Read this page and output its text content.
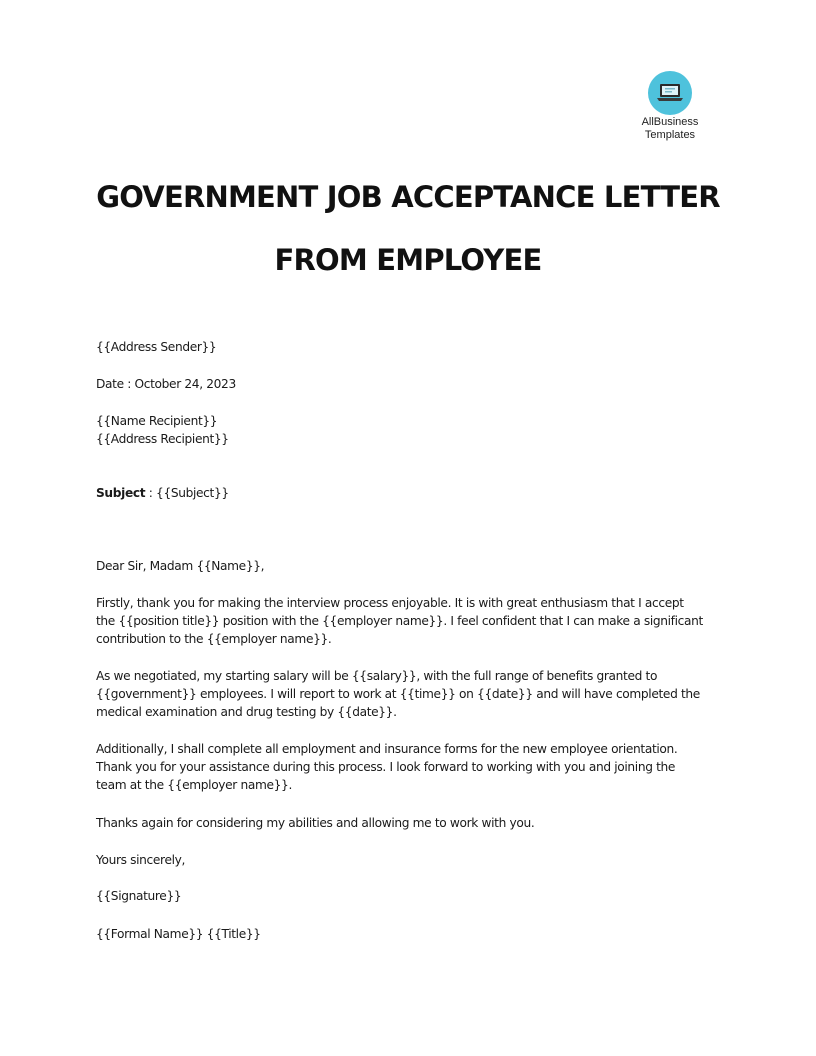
AllBusiness
Templates
GOVERNMENT JOB ACCEPTANCE LETTER
FROM EMPLOYEE
{{Address Sender}}
Date : October 24, 2023
{{Name Recipient}}
{{Address Recipient}}
Subject : {{Subject}}
Dear Sir, Madam {{Name}},
Firstly, thank you for making the interview process enjoyable. It is with great enthusiasm that I accept
the {{position title}} position with the {{employer name}}. I feel confident that I can make a significant
contribution to the {{employer name}}.
As we negotiated, my starting salary will be {{salary}}, with the full range of benefits granted to
{{government}} employees. I will report to work at {{time}} on {{date}} and will have completed the
medical examination and drug testing by {{date}}.
Additionally, I shall complete all employment and insurance forms for the new employee orientation.
Thank you for your assistance during this process. I look forward to working with you and joining the
team at the {{employer name}}.
Thanks again for considering my abilities and allowing me to work with you.
Yours sincerely,
{{Signature}}
{{Formal Name}} {{Title}}
